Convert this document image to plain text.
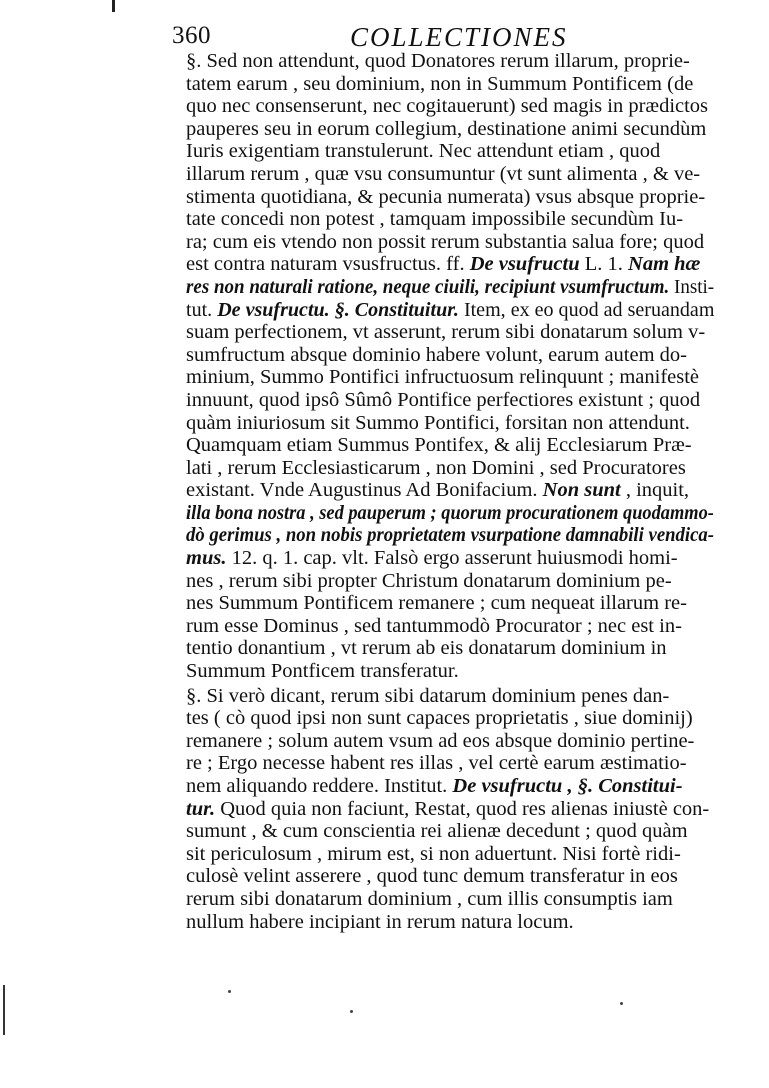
360	COLLECTIONES
§. Sed non attendunt, quod Donatores rerum illarum, proprie-
tatem earum , seu dominium, non in Summum Pontificem (de
quo nec consenserunt, nec cogitauerunt) sed magis in prædictos
pauperes seu in eorum collegium, destinatione animi secundùm
Iuris exigentiam transtulerunt. Nec attendunt etiam , quod
illarum rerum , quæ vsu consumuntur (vt sunt alimenta , & ve-
stimenta quotidiana, & pecunia numerata) vsus absque proprie-
tate concedi non potest , tamquam impossibile secundùm Iu-
ra; cum eis vtendo non possit rerum substantia salua fore; quod
est contra naturam vsusfructus. ff. De vsufructu L. 1. Nam hæ
res non naturali ratione, neque ciuili, recipiunt vsumfructum. Insti-
tut. De vsufructu. §. Constituitur. Item, ex eo quod ad seruandam
suam perfectionem, vt asserunt, rerum sibi donatarum solum v-
sumfructum absque dominio habere volunt, earum autem do-
minium, Summo Pontifici infructuosum relinquunt ; manifestè
innuunt, quod ipsô Sûmô Pontifice perfectiores existunt ; quod
quàm iniuriosum sit Summo Pontifici, forsitan non attendunt.
Quamquam etiam Summus Pontifex, & alij Ecclesiarum Præ-
lati , rerum Ecclesiasticarum , non Domini , sed Procuratores
existant. Vnde Augustinus Ad Bonifacium. Non sunt , inquit,
illa bona nostra , sed pauperum ; quorum procurationem quodammo-
dò gerimus , non nobis proprietatem vsurpatione damnabili vendica-
mus. 12. q. 1. cap. vlt. Falsò ergo asserunt huiusmodi homi-
nes , rerum sibi propter Christum donatarum dominium pe-
nes Summum Pontificem remanere ; cum nequeat illarum re-
rum esse Dominus , sed tantummodò Procurator ; nec est in-
tentio donantium , vt rerum ab eis donatarum dominium in
Summum Pontficem transferatur.
§. Si verò dicant, rerum sibi datarum dominium penes dan-
tes ( cò quod ipsi non sunt capaces proprietatis , siue dominij)
remanere ; solum autem vsum ad eos absque dominio pertine-
re ; Ergo necesse habent res illas , vel certè earum æstimatio-
nem aliquando reddere. Institut. De vsufructu , §. Constitui-
tur. Quod quia non faciunt, Restat, quod res alienas iniustè con-
sumunt , & cum conscientia rei alienæ decedunt ; quod quàm
sit periculosum , mirum est, si non aduertunt. Nisi fortè ridi-
culosè velint asserere , quod tunc demum transferatur in eos
rerum sibi donatarum dominium , cum illis consumptis iam
nullum habere incipiant in rerum natura locum.
